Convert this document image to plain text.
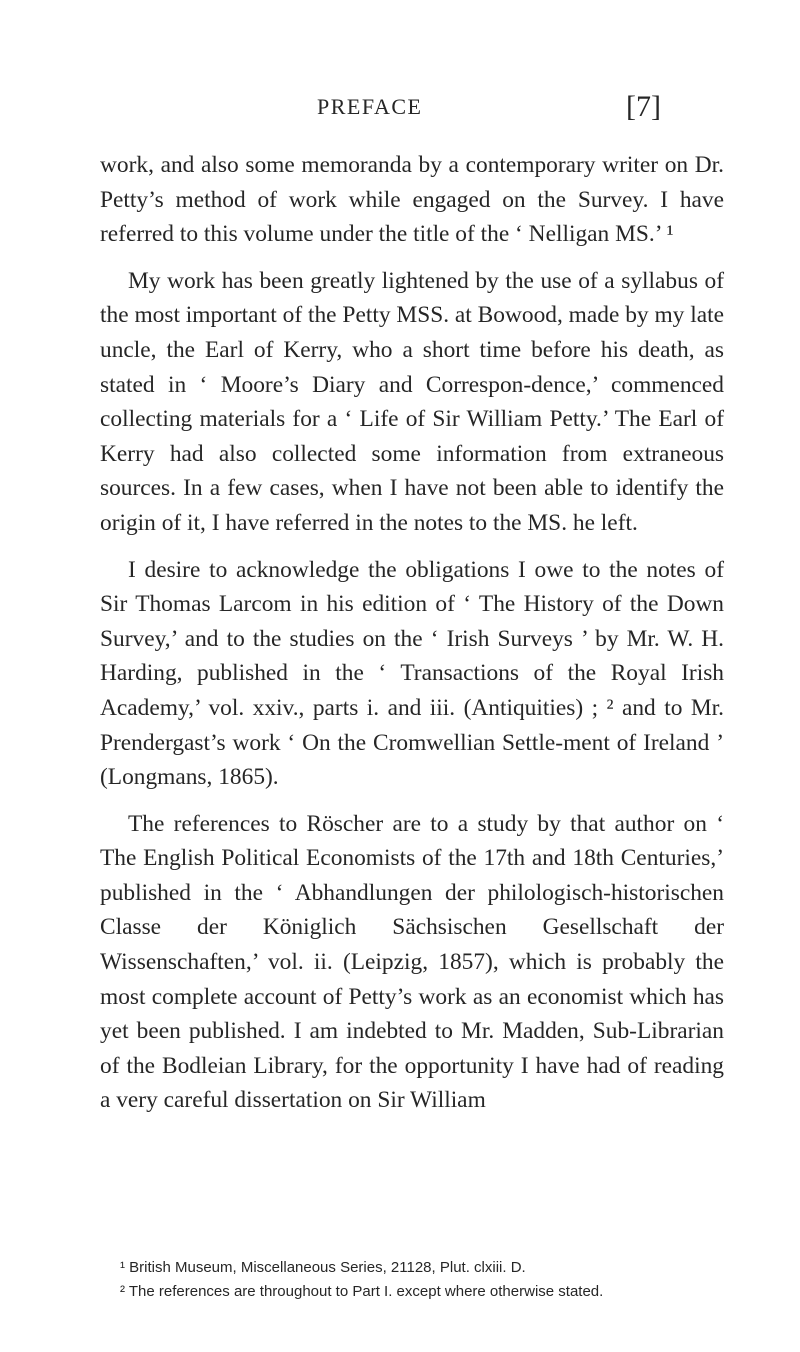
PREFACE	[7]

work, and also some memoranda by a contemporary writer on Dr. Petty’s method of work while engaged on the Survey. I have referred to this volume under the title of the ‘ Nelligan MS.’ ¹

My work has been greatly lightened by the use of a syllabus of the most important of the Petty MSS. at Bowood, made by my late uncle, the Earl of Kerry, who a short time before his death, as stated in ‘ Moore’s Diary and Correspon-dence,’ commenced collecting materials for a ‘ Life of Sir William Petty.’ The Earl of Kerry had also collected some information from extraneous sources. In a few cases, when I have not been able to identify the origin of it, I have referred in the notes to the MS. he left.

I desire to acknowledge the obligations I owe to the notes of Sir Thomas Larcom in his edition of ‘ The History of the Down Survey,’ and to the studies on the ‘ Irish Surveys ’ by Mr. W. H. Harding, published in the ‘ Transactions of the Royal Irish Academy,’ vol. xxiv., parts i. and iii. (Antiquities) ; ² and to Mr. Prendergast’s work ‘ On the Cromwellian Settle-ment of Ireland ’ (Longmans, 1865).

The references to Röscher are to a study by that author on ‘ The English Political Economists of the 17th and 18th Centuries,’ published in the ‘ Abhandlungen der philologisch-historischen Classe der Königlich Sächsischen Gesellschaft der Wissenschaften,’ vol. ii. (Leipzig, 1857), which is probably the most complete account of Petty’s work as an economist which has yet been published. I am indebted to Mr. Madden, Sub-Librarian of the Bodleian Library, for the opportunity I have had of reading a very careful dissertation on Sir William

¹ British Museum, Miscellaneous Series, 21128, Plut. clxiii. D.

² The references are throughout to Part I. except where otherwise stated.
